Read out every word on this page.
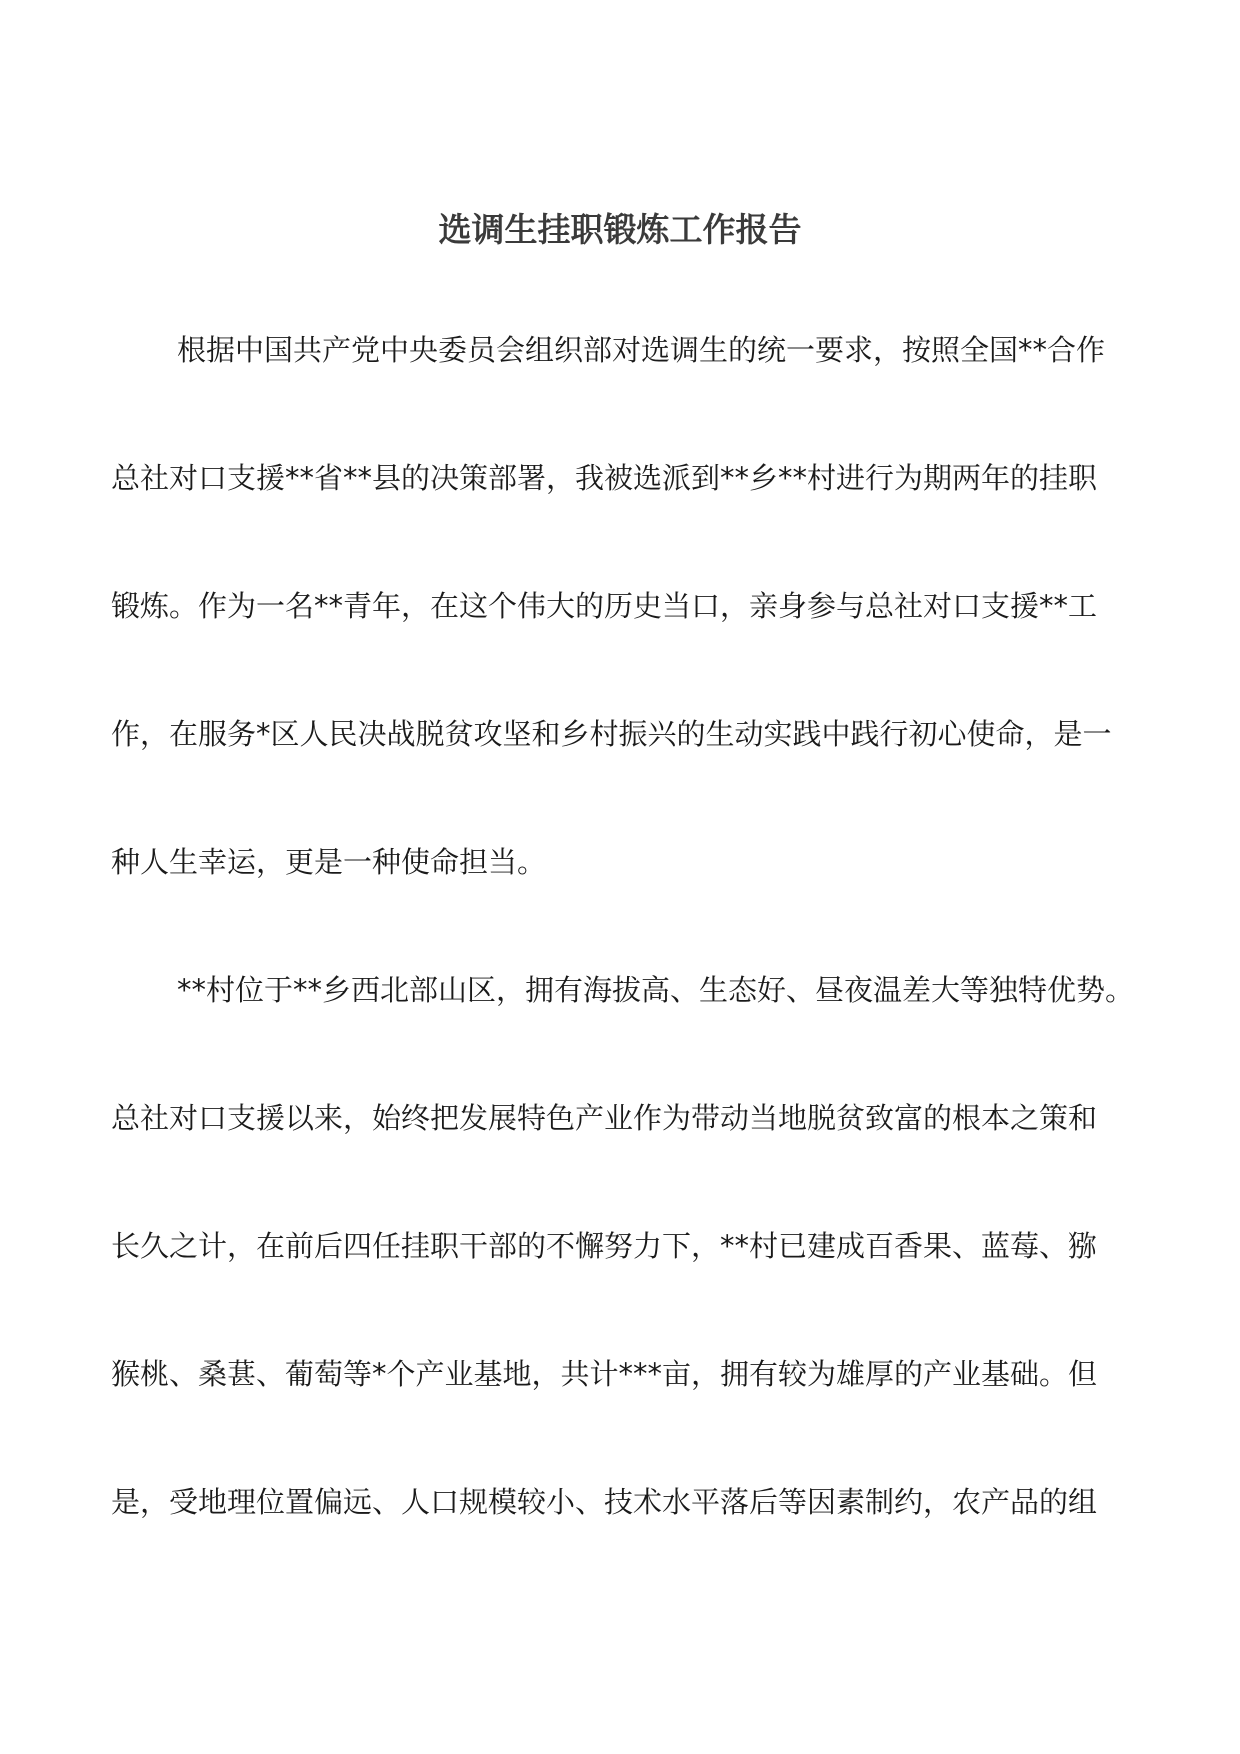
选调生挂职锻炼工作报告
根据中国共产党中央委员会组织部对选调生的统一要求，按照全国**合作
总社对口支援**省**县的决策部署，我被选派到**乡**村进行为期两年的挂职
锻炼。作为一名**青年，在这个伟大的历史当口，亲身参与总社对口支援**工
作，在服务*区人民决战脱贫攻坚和乡村振兴的生动实践中践行初心使命，是一
种人生幸运，更是一种使命担当。
**村位于**乡西北部山区，拥有海拔高、生态好、昼夜温差大等独特优势。
总社对口支援以来，始终把发展特色产业作为带动当地脱贫致富的根本之策和
长久之计，在前后四任挂职干部的不懈努力下，**村已建成百香果、蓝莓、猕
猴桃、桑葚、葡萄等*个产业基地，共计***亩，拥有较为雄厚的产业基础。但
是，受地理位置偏远、人口规模较小、技术水平落后等因素制约，农产品的组
